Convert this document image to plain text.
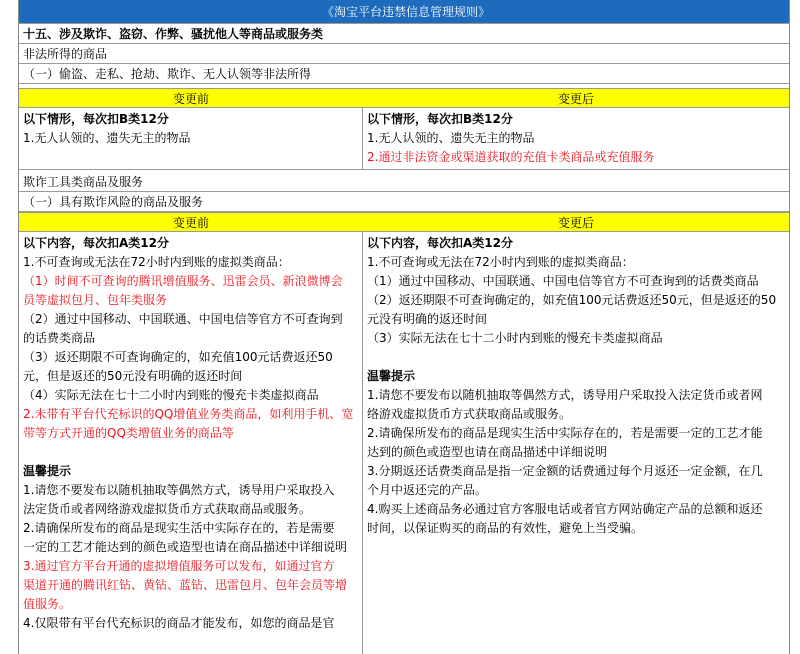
《淘宝平台违禁信息管理规则》
十五、涉及欺诈、盗窃、作弊、骚扰他人等商品或服务类
非法所得的商品
（一）偷盗、走私、抢劫、欺诈、无人认领等非法所得
变更前	变更后
以下情形，每次扣B类12分
1.无人认领的、遗失无主的物品
以下情形，每次扣B类12分
1.无人认领的、遗失无主的物品
2.通过非法资金或渠道获取的充值卡类商品或充值服务
欺诈工具类商品及服务
（一）具有欺诈风险的商品及服务
变更前	变更后
以下内容，每次扣A类12分
1.不可查询或无法在72小时内到账的虚拟类商品：
（1）时间不可查询的腾讯增值服务、迅雷会员、新浪微博会
员等虚拟包月、包年类服务
（2）通过中国移动、中国联通、中国电信等官方不可查询到
的话费类商品
（3）返还期限不可查询确定的，如充值100元话费返还50
元，但是返还的50元没有明确的返还时间
（4）实际无法在七十二小时内到账的慢充卡类虚拟商品
2.未带有平台代充标识的QQ增值业务类商品，如利用手机、宽
带等方式开通的QQ类增值业务的商品等
温馨提示
1.请您不要发布以随机抽取等偶然方式，诱导用户采取投入
法定货币或者网络游戏虚拟货币方式获取商品或服务。
2.请确保所发布的商品是现实生活中实际存在的，若是需要
一定的工艺才能达到的颜色或造型也请在商品描述中详细说明
3.通过官方平台开通的虚拟增值服务可以发布，如通过官方
渠道开通的腾讯红钻、黄钻、蓝钻、迅雷包月、包年会员等增
值服务。
4.仅限带有平台代充标识的商品才能发布，如您的商品是官
以下内容，每次扣A类12分
1.不可查询或无法在72小时内到账的虚拟类商品：
（1）通过中国移动、中国联通、中国电信等官方不可查询到的话费类商品
（2）返还期限不可查询确定的，如充值100元话费返还50元，但是返还的50
元没有明确的返还时间
（3）实际无法在七十二小时内到账的慢充卡类虚拟商品
温馨提示
1.请您不要发布以随机抽取等偶然方式，诱导用户采取投入法定货币或者网
络游戏虚拟货币方式获取商品或服务。
2.请确保所发布的商品是现实生活中实际存在的，若是需要一定的工艺才能
达到的颜色或造型也请在商品描述中详细说明
3.分期返还话费类商品是指一定金额的话费通过每个月返还一定金额，在几
个月中返还完的产品。
4.购买上述商品务必通过官方客服电话或者官方网站确定产品的总额和返还
时间，以保证购买的商品的有效性，避免上当受骗。
